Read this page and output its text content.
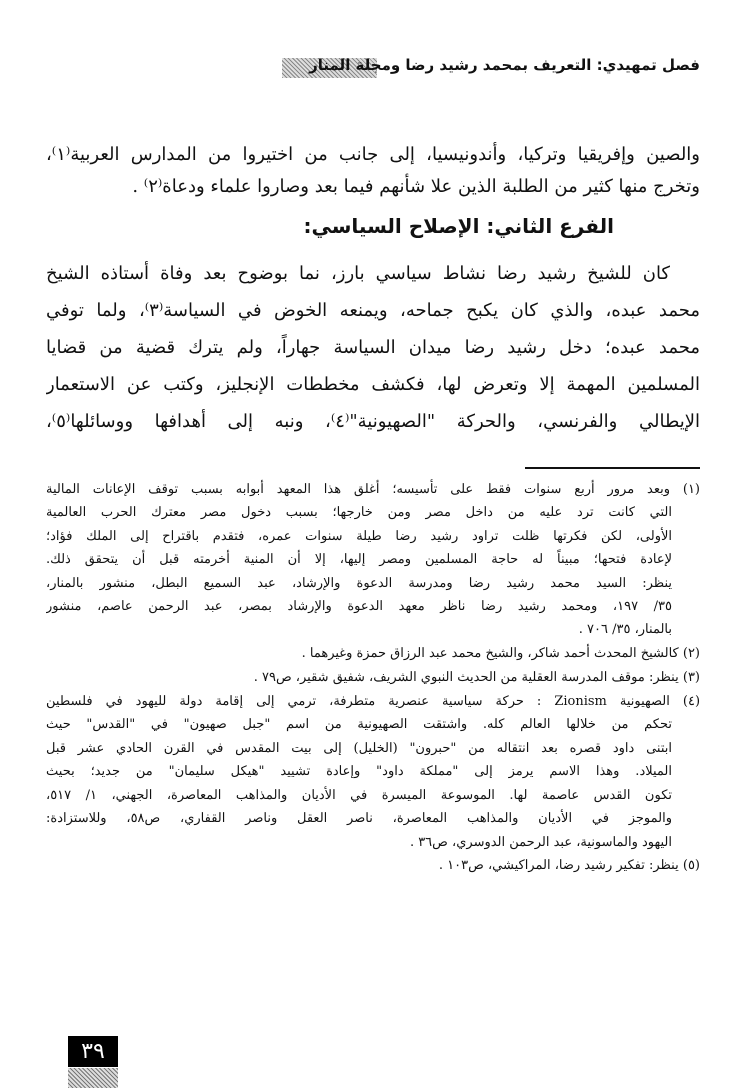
فصل تمهيدي: التعريف بمحمد رشيد رضا ومجلة المنار
والصين وإفريقيا وتركيا، وأندونيسيا، إلى جانب من اختيروا من المدارس العربية⁽١⁾،
وتخرج منها كثير من الطلبة الذين علا شأنهم فيما بعد وصاروا علماء ودعاة⁽٢⁾ .
الفرع الثاني: الإصلاح السياسي:
كان للشيخ رشيد رضا نشاط سياسي بارز، نما بوضوح بعد وفاة أستاذه الشيخ
محمد عبده، والذي كان يكبح جماحه، ويمنعه الخوض في السياسة⁽٣⁾، ولما توفي
محمد عبده؛ دخل رشيد رضا ميدان السياسة جهاراً، ولم يترك قضية من قضايا
المسلمين المهمة إلا وتعرض لها، فكشف مخططات الإنجليز، وكتب عن الاستعمار
الإيطالي والفرنسي، والحركة "الصهيونية"⁽٤⁾، ونبه إلى أهدافها ووسائلها⁽٥⁾،
(١) وبعد مرور أربع سنوات فقط على تأسيسه؛ أغلق هذا المعهد أبوابه بسبب توقف الإعانات المالية
التي كانت ترد عليه من داخل مصر ومن خارجها؛ بسبب دخول مصر معترك الحرب العالمية
الأولى، لكن فكرتها ظلت تراود رشيد رضا طيلة سنوات عمره، فتقدم باقتراح إلى الملك فؤاد؛
لإعادة فتحها؛ مبيناً له حاجة المسلمين ومصر إليها، إلا أن المنية أخرمته قبل أن يتحقق ذلك.
ينظر: السيد محمد رشيد رضا ومدرسة الدعوة والإرشاد، عبد السميع البطل، منشور بالمنار،
٣٥/ ١٩٧، ومحمد رشيد رضا ناظر معهد الدعوة والإرشاد بمصر، عبد الرحمن عاصم، منشور
بالمنار، ٣٥/ ٧٠٦ .
(٢) كالشيخ المحدث أحمد شاكر، والشيخ محمد عبد الرزاق حمزة وغيرهما .
(٣) ينظر: موقف المدرسة العقلية من الحديث النبوي الشريف، شفيق شقير، ص٧٩ .
(٤) الصهيونية Zionism : حركة سياسية عنصرية متطرفة، ترمي إلى إقامة دولة لليهود في فلسطين
تحكم من خلالها العالم كله. واشتقت الصهيونية من اسم "جبل صهيون" في "القدس" حيث
ابتنى داود قصره بعد انتقاله من "حبرون" (الخليل) إلى بيت المقدس في القرن الحادي عشر قبل
الميلاد. وهذا الاسم يرمز إلى "مملكة داود" وإعادة تشييد "هيكل سليمان" من جديد؛ بحيث
تكون القدس عاصمة لها. الموسوعة الميسرة في الأديان والمذاهب المعاصرة، الجهني، ١/ ٥١٧،
والموجز في الأديان والمذاهب المعاصرة، ناصر العقل وناصر القفاري، ص٥٨، وللاستزادة:
اليهود والماسونية، عبد الرحمن الدوسري، ص٣٦ .
(٥) ينظر: تفكير رشيد رضا، المراكيشي، ص١٠٣ .
٣٩
